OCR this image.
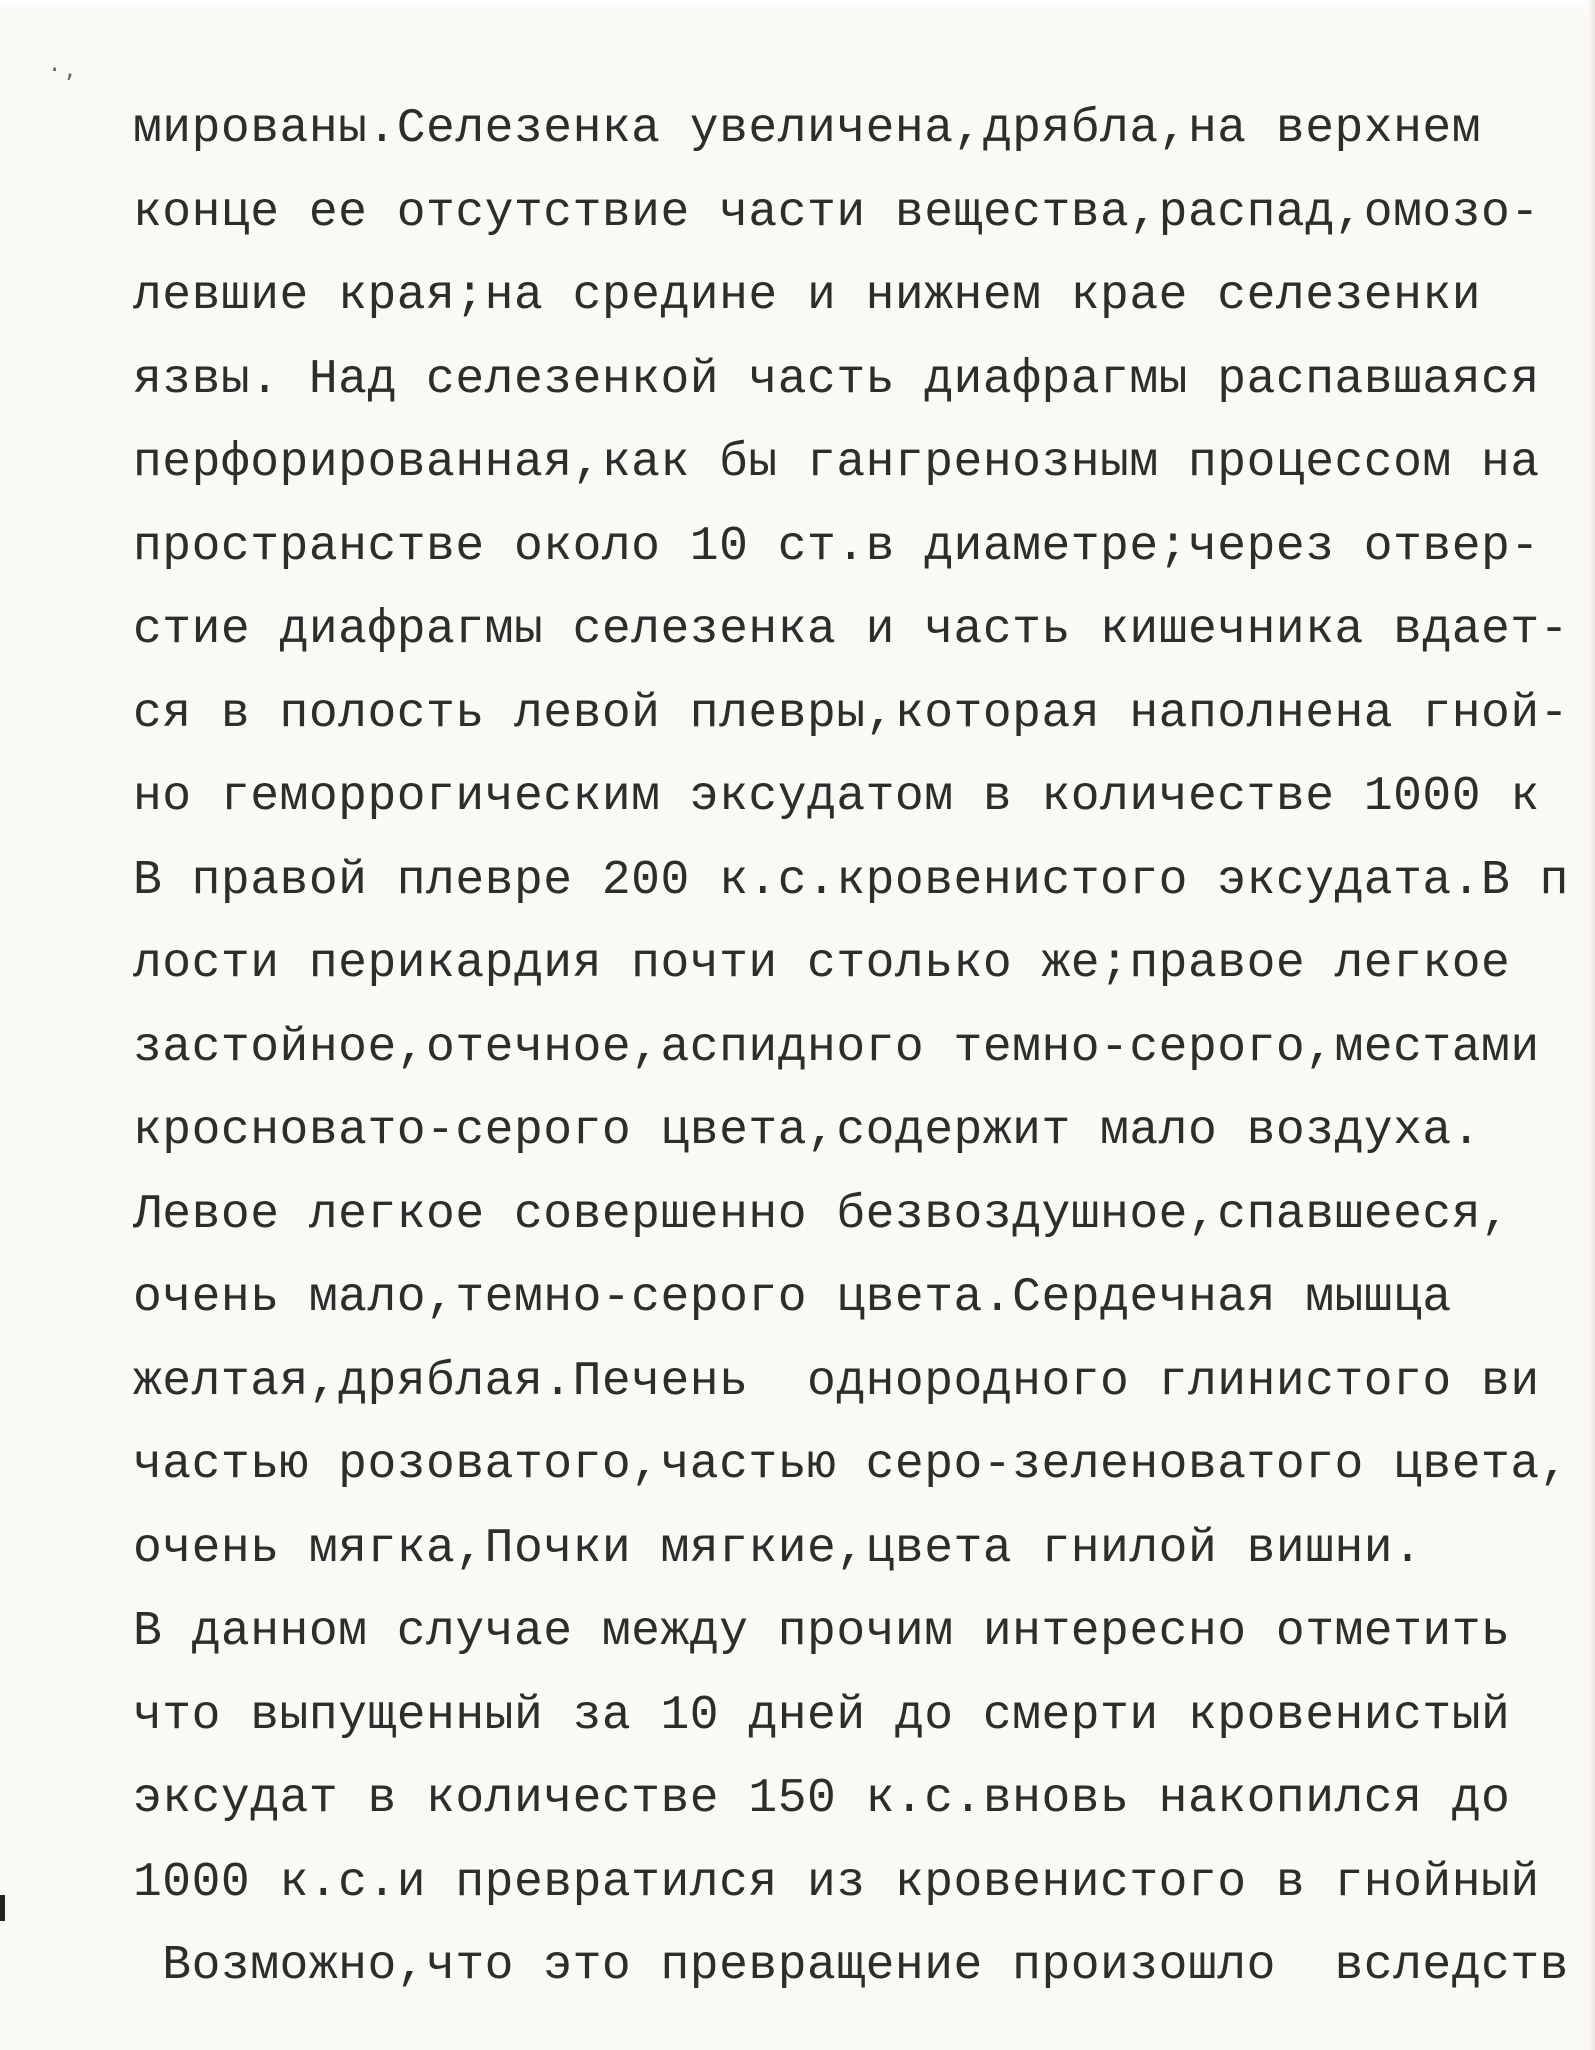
·,
мированы.Селезенка увеличена,дрябла,на верхнем
конце ее отсутствие части вещества,распад,омозо-
левшие края;на средине и нижнем крае селезенки
язвы. Над селезенкой часть диафрагмы распавшаяся
перфорированная,как бы гангренозным процессом на
пространстве около 10 ст.в диаметре;через отвер-
стие диафрагмы селезенка и часть кишечника вдает-
ся в полость левой плевры,которая наполнена гной-
но геморрогическим эксудатом в количестве 1000 к
В правой плевре 200 к.с.кровенистого эксудата.В п
лости перикардия почти столько же;правое легкое
застойное,отечное,аспидного темно-серого,местами
кросновато-серого цвета,содержит мало воздуха.
Левое легкое совершенно безвоздушное,спавшееся,
очень мало,темно-серого цвета.Сердечная мышца
желтая,дряблая.Печень  однородного глинистого ви
частью розоватого,частью серо-зеленоватого цвета,
очень мягка,Почки мягкие,цвета гнилой вишни.
В данном случае между прочим интересно отметить
что выпущенный за 10 дней до смерти кровенистый
эксудат в количестве 150 к.с.вновь накопился до
1000 к.с.и превратился из кровенистого в гнойный
Возможно,что это превращение произошло  вследств
